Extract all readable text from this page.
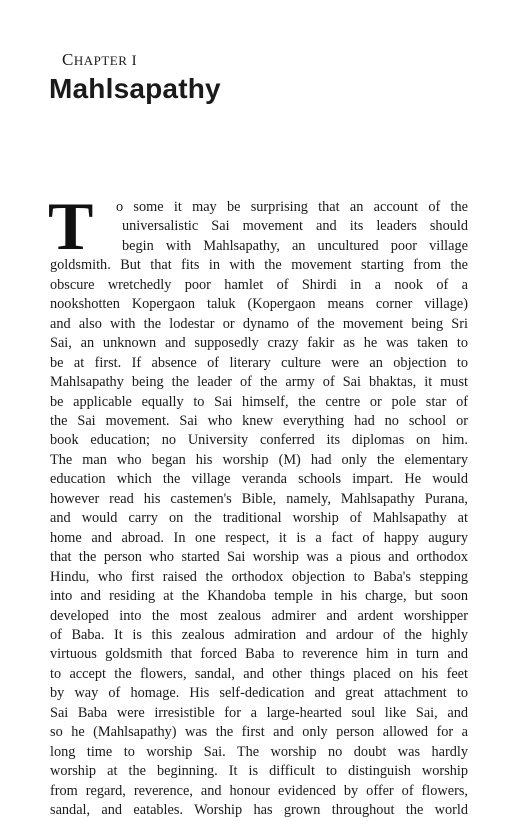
CHAPTER I
Mahlsapathy
T o some it may be surprising that an account of the
universalistic Sai movement and its leaders should
begin with Mahlsapathy, an uncultured poor village
goldsmith. But that fits in with the movement starting from the
obscure wretchedly poor hamlet of Shirdi in a nook of a
nookshotten Kopergaon taluk (Kopergaon means corner village)
and also with the lodestar or dynamo of the movement being Sri
Sai, an unknown and supposedly crazy fakir as he was taken to
be at first. If absence of literary culture were an objection to
Mahlsapathy being the leader of the army of Sai bhaktas, it must
be applicable equally to Sai himself, the centre or pole star of
the Sai movement. Sai who knew everything had no school or
book education; no University conferred its diplomas on him.
The man who began his worship (M) had only the elementary
education which the village veranda schools impart. He would
however read his castemen's Bible, namely, Mahlsapathy Purana,
and would carry on the traditional worship of Mahlsapathy at
home and abroad. In one respect, it is a fact of happy augury
that the person who started Sai worship was a pious and orthodox
Hindu, who first raised the orthodox objection to Baba's stepping
into and residing at the Khandoba temple in his charge, but soon
developed into the most zealous admirer and ardent worshipper
of Baba. It is this zealous admiration and ardour of the highly
virtuous goldsmith that forced Baba to reverence him in turn and
to accept the flowers, sandal, and other things placed on his feet
by way of homage. His self-dedication and great attachment to
Sai Baba were irresistible for a large-hearted soul like Sai, and
so he (Mahlsapathy) was the first and only person allowed for a
long time to worship Sai. The worship no doubt was hardly
worship at the beginning. It is difficult to distinguish worship
from regard, reverence, and honour evidenced by offer of flowers,
sandal, and eatables. Worship has grown throughout the world
